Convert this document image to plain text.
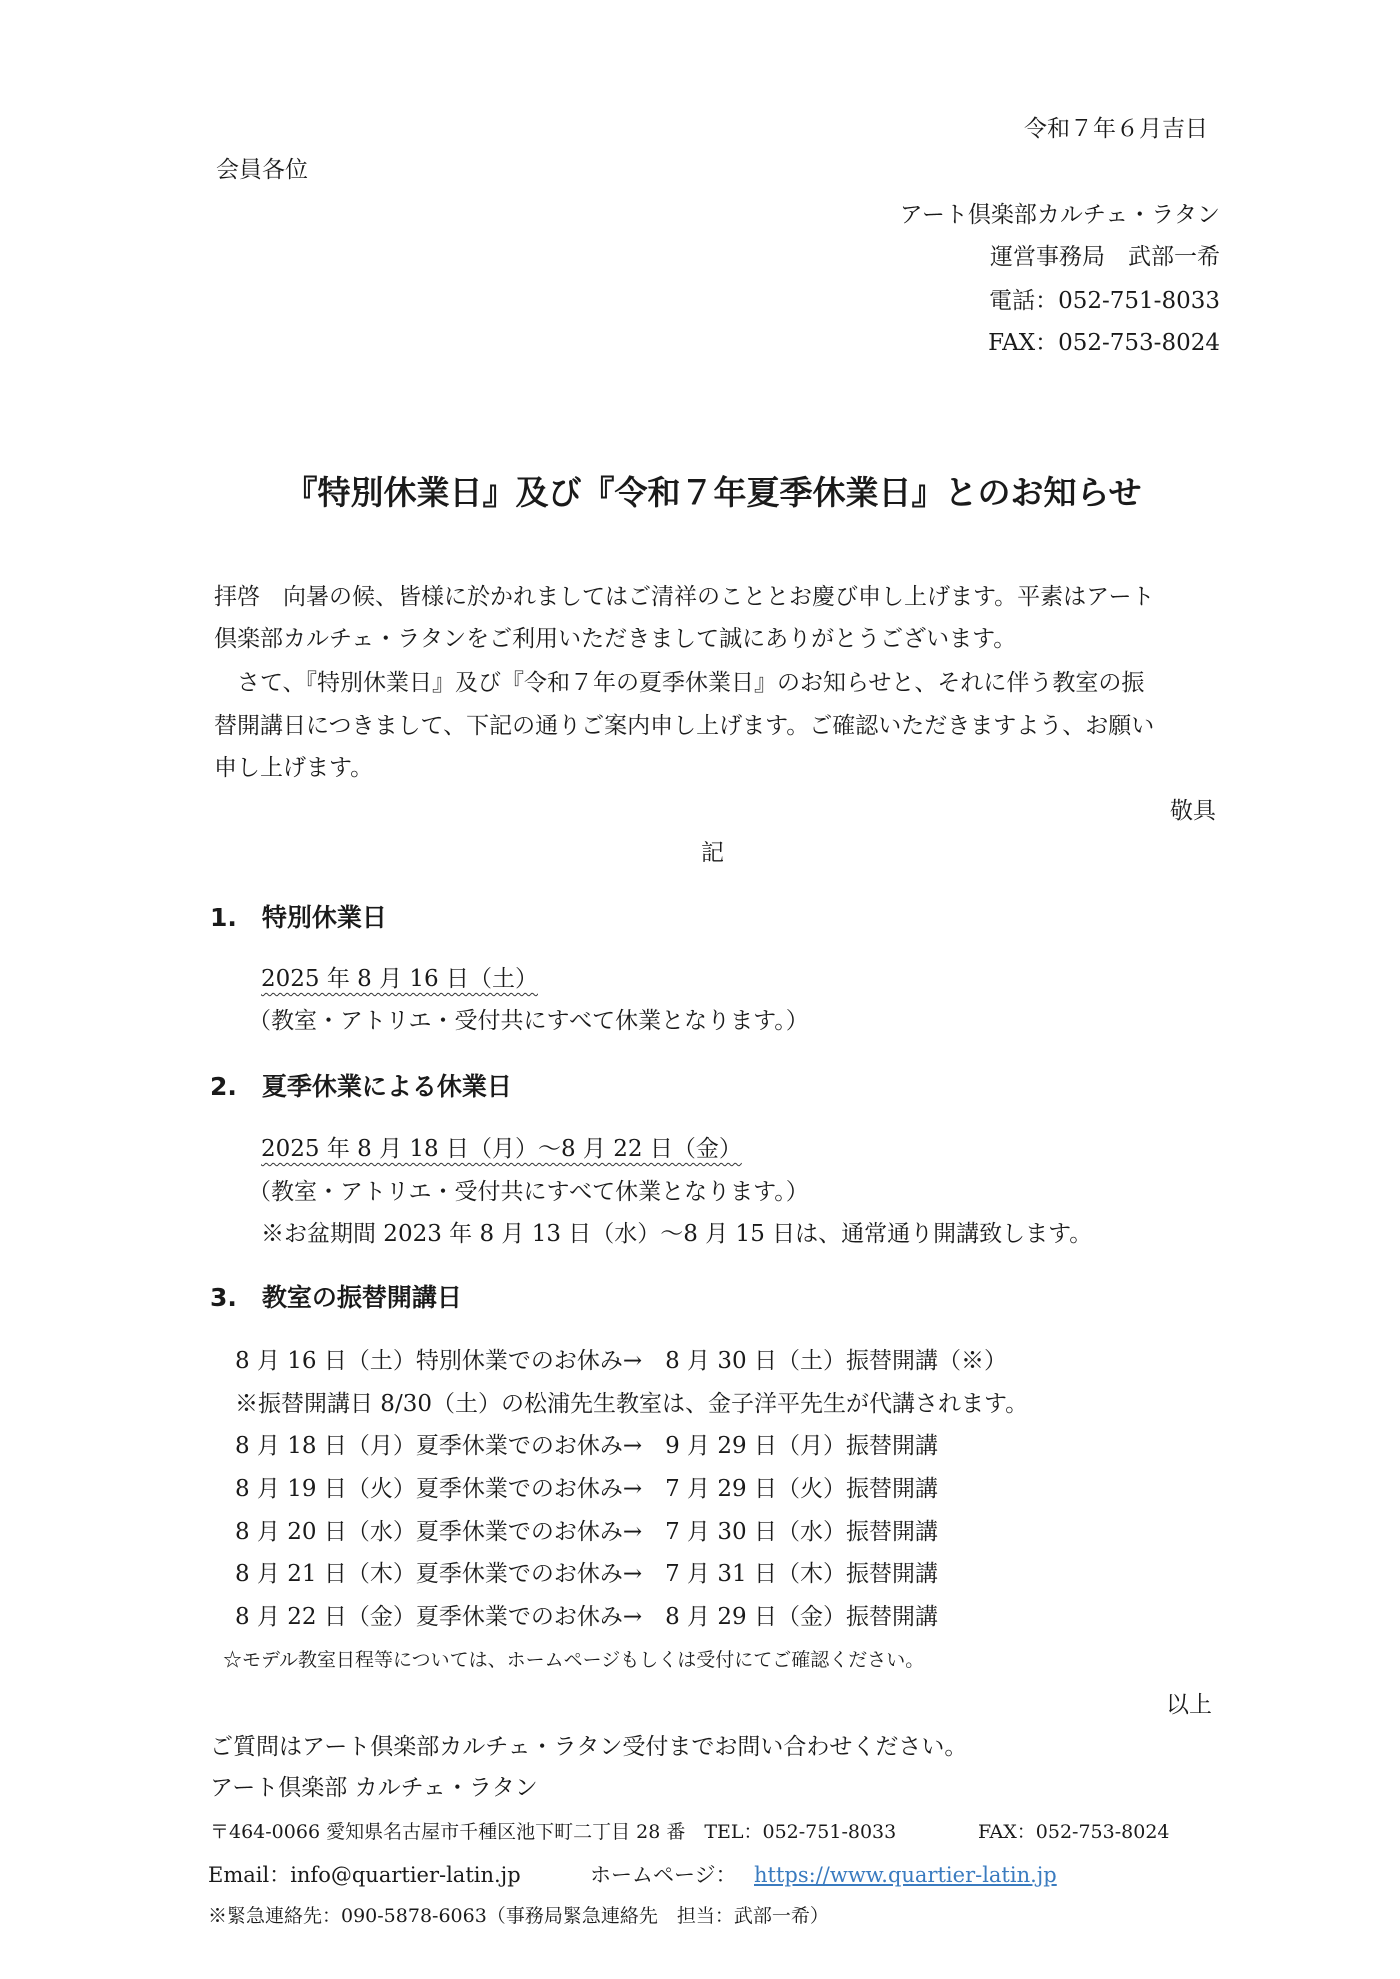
令和７年６月吉日
会員各位
アート倶楽部カルチェ・ラタン
運営事務局　武部一希
電話：052-751-8033
FAX：052-753-8024
『特別休業日』及び『令和７年夏季休業日』とのお知らせ
拝啓　向暑の候、皆様に於かれましてはご清祥のこととお慶び申し上げます。平素はアート
倶楽部カルチェ・ラタンをご利用いただきまして誠にありがとうございます。
　さて、『特別休業日』及び『令和７年の夏季休業日』のお知らせと、それに伴う教室の振
替開講日につきまして、下記の通りご案内申し上げます。ご確認いただきますよう、お願い
申し上げます。
敬具
記
1.　特別休業日
2025 年 8 月 16 日（土）
（教室・アトリエ・受付共にすべて休業となります。）
2.　夏季休業による休業日
2025 年 8 月 18 日（月）～8 月 22 日（金）
（教室・アトリエ・受付共にすべて休業となります。）
※お盆期間 2023 年 8 月 13 日（水）～8 月 15 日は、通常通り開講致します。
3.　教室の振替開講日
8 月 16 日（土）特別休業でのお休み→　8 月 30 日（土）振替開講（※）
※振替開講日 8/30（土）の松浦先生教室は、金子洋平先生が代講されます。
8 月 18 日（月）夏季休業でのお休み→　9 月 29 日（月）振替開講
8 月 19 日（火）夏季休業でのお休み→　7 月 29 日（火）振替開講
8 月 20 日（水）夏季休業でのお休み→　7 月 30 日（水）振替開講
8 月 21 日（木）夏季休業でのお休み→　7 月 31 日（木）振替開講
8 月 22 日（金）夏季休業でのお休み→　8 月 29 日（金）振替開講
☆モデル教室日程等については、ホームページもしくは受付にてご確認ください。
以上
ご質問はアート倶楽部カルチェ・ラタン受付までお問い合わせください。
アート倶楽部 カルチェ・ラタン
〒464-0066 愛知県名古屋市千種区池下町二丁目 28 番　TEL：052-751-8033	FAX：052-753-8024
Email：info@quartier-latin.jp	ホームページ： https://www.quartier-latin.jp
※緊急連絡先：090-5878-6063（事務局緊急連絡先　担当：武部一希）
